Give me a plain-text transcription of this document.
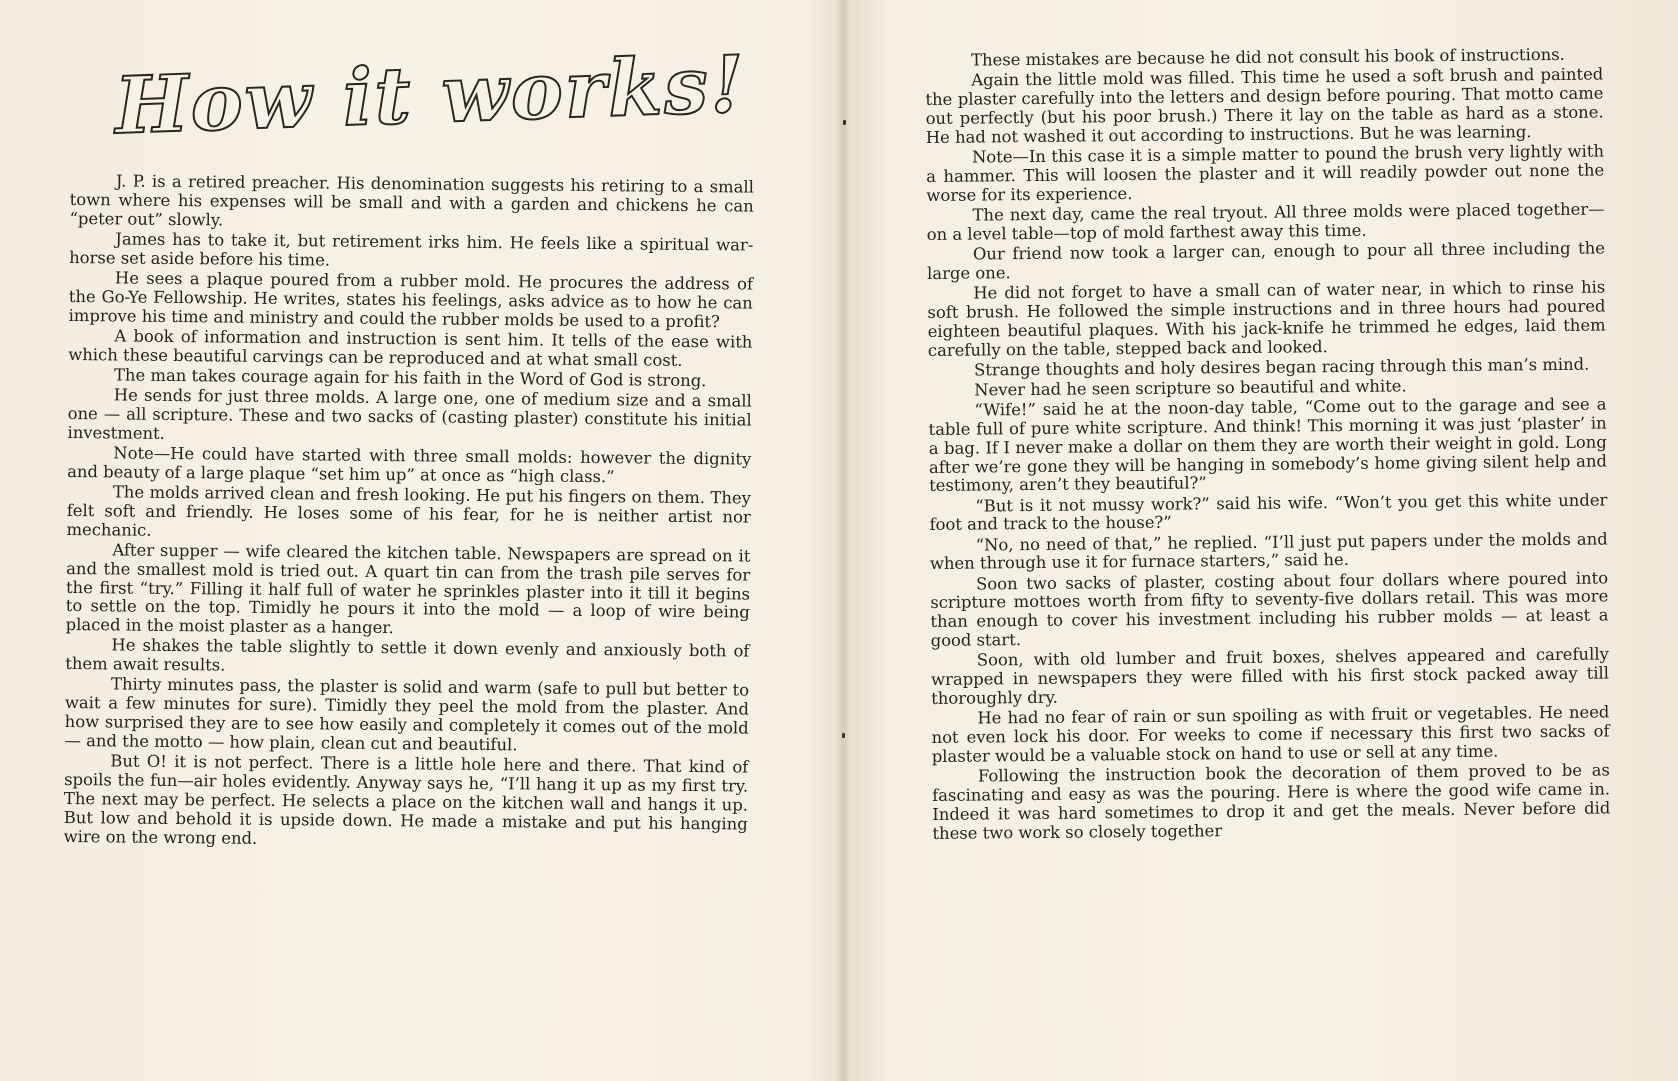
How it works!

J. P. is a retired preacher. His denomination suggests his retiring to a small town where his expenses will be small and with a garden and chickens he can “peter out” slowly.

James has to take it, but retirement irks him. He feels like a spiritual war-horse set aside before his time.

He sees a plaque poured from a rubber mold. He procures the address of the Go-Ye Fellowship. He writes, states his feelings, asks advice as to how he can improve his time and ministry and could the rubber molds be used to a profit?

A book of information and instruction is sent him. It tells of the ease with which these beautiful carvings can be reproduced and at what small cost.

The man takes courage again for his faith in the Word of God is strong.

He sends for just three molds. A large one, one of medium size and a small one — all scripture. These and two sacks of (casting plaster) constitute his initial investment.

Note—He could have started with three small molds: however the dignity and beauty of a large plaque “set him up” at once as “high class.”

The molds arrived clean and fresh looking. He put his fingers on them. They felt soft and friendly. He loses some of his fear, for he is neither artist nor mechanic.

After supper — wife cleared the kitchen table. Newspapers are spread on it and the smallest mold is tried out. A quart tin can from the trash pile serves for the first “try.” Filling it half full of water he sprinkles plaster into it till it begins to settle on the top. Timidly he pours it into the mold — a loop of wire being placed in the moist plaster as a hanger.

He shakes the table slightly to settle it down evenly and anxiously both of them await results.

Thirty minutes pass, the plaster is solid and warm (safe to pull but better to wait a few minutes for sure). Timidly they peel the mold from the plaster. And how surprised they are to see how easily and completely it comes out of the mold — and the motto — how plain, clean cut and beautiful.

But O! it is not perfect. There is a little hole here and there. That kind of spoils the fun—air holes evidently. Anyway says he, “I’ll hang it up as my first try. The next may be perfect. He selects a place on the kitchen wall and hangs it up. But low and behold it is upside down. He made a mistake and put his hanging wire on the wrong end.

These mistakes are because he did not consult his book of instructions.

Again the little mold was filled. This time he used a soft brush and painted the plaster carefully into the letters and design before pouring. That motto came out perfectly (but his poor brush.) There it lay on the table as hard as a stone. He had not washed it out according to instructions. But he was learning.

Note—In this case it is a simple matter to pound the brush very lightly with a hammer. This will loosen the plaster and it will readily powder out none the worse for its experience.

The next day, came the real tryout. All three molds were placed together—on a level table—top of mold farthest away this time.

Our friend now took a larger can, enough to pour all three including the large one.

He did not forget to have a small can of water near, in which to rinse his soft brush. He followed the simple instructions and in three hours had poured eighteen beautiful plaques. With his jack-knife he trimmed he edges, laid them carefully on the table, stepped back and looked.

Strange thoughts and holy desires began racing through this man’s mind.

Never had he seen scripture so beautiful and white.

“Wife!” said he at the noon-day table, “Come out to the garage and see a table full of pure white scripture. And think! This morning it was just ‘plaster’ in a bag. If I never make a dollar on them they are worth their weight in gold. Long after we’re gone they will be hanging in somebody’s home giving silent help and testimony, aren’t they beautiful?”

“But is it not mussy work?” said his wife. “Won’t you get this white under foot and track to the house?”

“No, no need of that,” he replied. “I’ll just put papers under the molds and when through use it for furnace starters,” said he.

Soon two sacks of plaster, costing about four dollars where poured into scripture mottoes worth from fifty to seventy-five dollars retail. This was more than enough to cover his investment including his rubber molds — at least a good start.

Soon, with old lumber and fruit boxes, shelves appeared and carefully wrapped in newspapers they were filled with his first stock packed away till thoroughly dry.

He had no fear of rain or sun spoiling as with fruit or vegetables. He need not even lock his door. For weeks to come if necessary this first two sacks of plaster would be a valuable stock on hand to use or sell at any time.

Following the instruction book the decoration of them proved to be as fascinating and easy as was the pouring. Here is where the good wife came in. Indeed it was hard sometimes to drop it and get the meals. Never before did these two work so closely together
